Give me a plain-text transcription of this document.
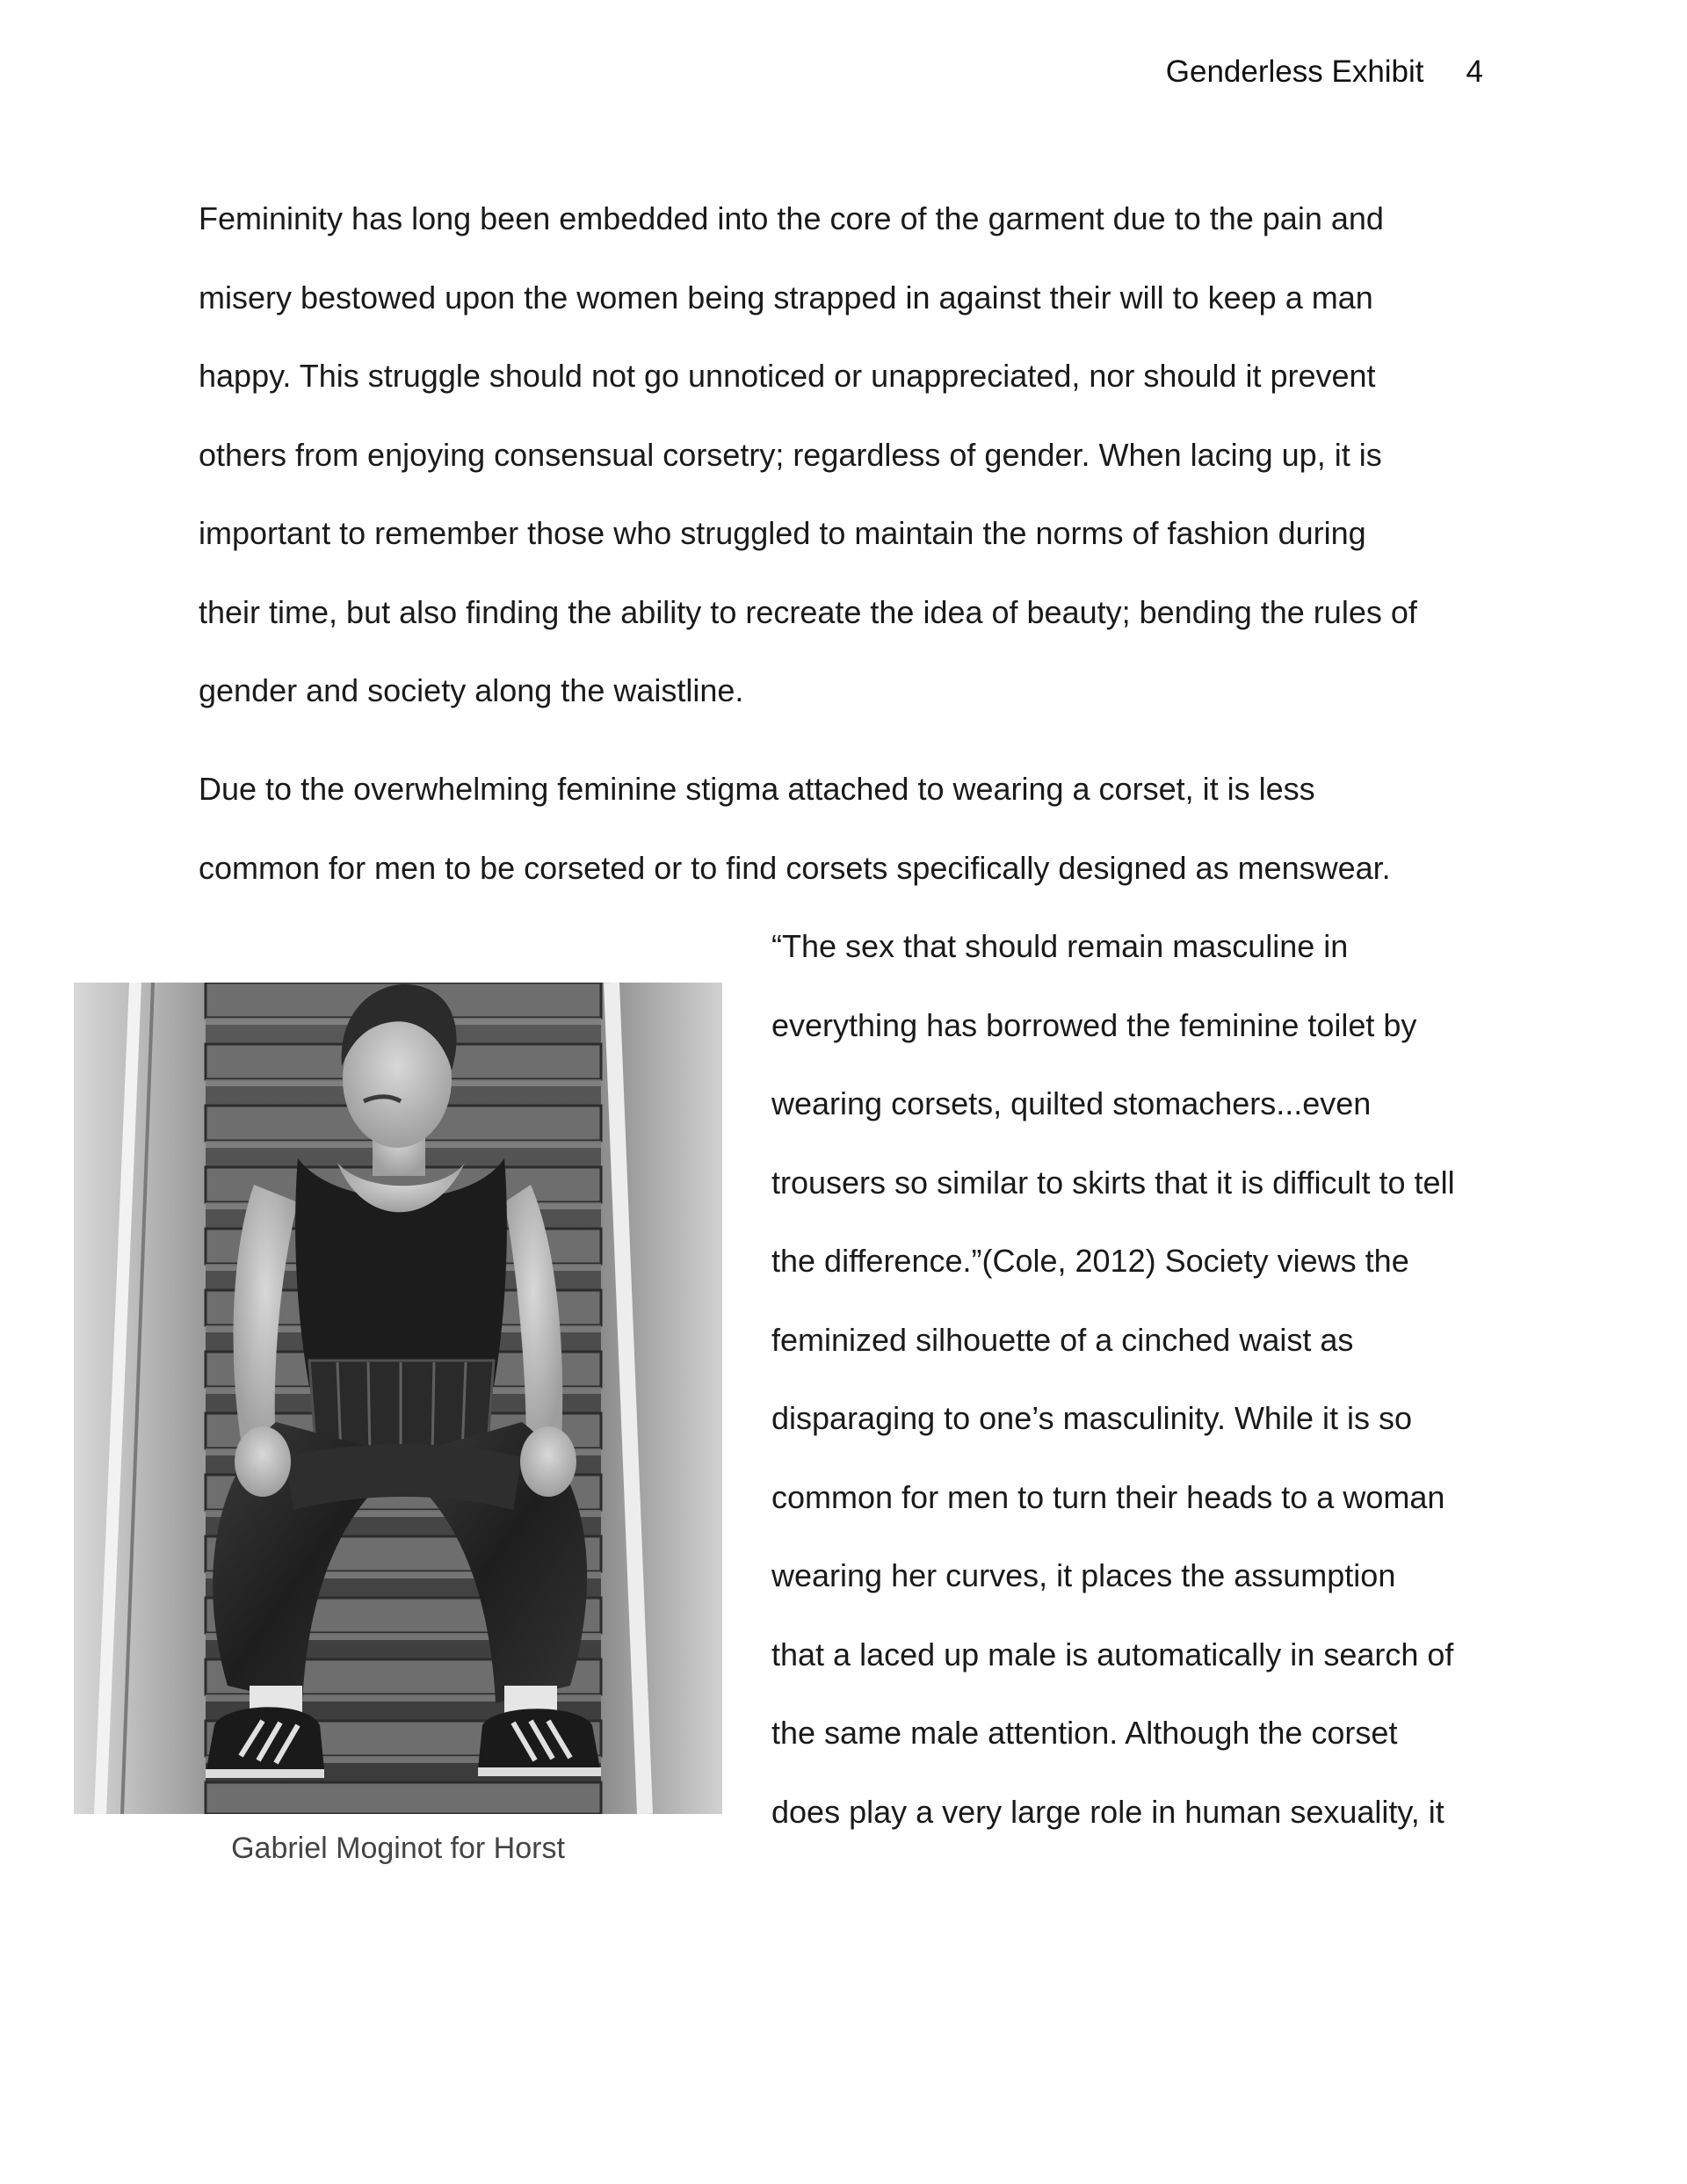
Genderless Exhibit 4
Femininity has long been embedded into the core of the garment due to the pain and
misery bestowed upon the women being strapped in against their will to keep a man
happy. This struggle should not go unnoticed or unappreciated, nor should it prevent
others from enjoying consensual corsetry; regardless of gender. When lacing up, it is
important to remember those who struggled to maintain the norms of fashion during
their time, but also finding the ability to recreate the idea of beauty; bending the rules of
gender and society along the waistline.
Due to the overwhelming feminine stigma attached to wearing a corset, it is less
common for men to be corseted or to find corsets specifically designed as menswear.
“The sex that should remain masculine in
everything has borrowed the feminine toilet by
wearing corsets, quilted stomachers...even
trousers so similar to skirts that it is difficult to tell
the difference.”(Cole, 2012) Society views the
feminized silhouette of a cinched waist as
disparaging to one’s masculinity. While it is so
common for men to turn their heads to a woman
wearing her curves, it places the assumption
that a laced up male is automatically in search of
the same male attention. Although the corset
does play a very large role in human sexuality, it
Gabriel Moginot for Horst
